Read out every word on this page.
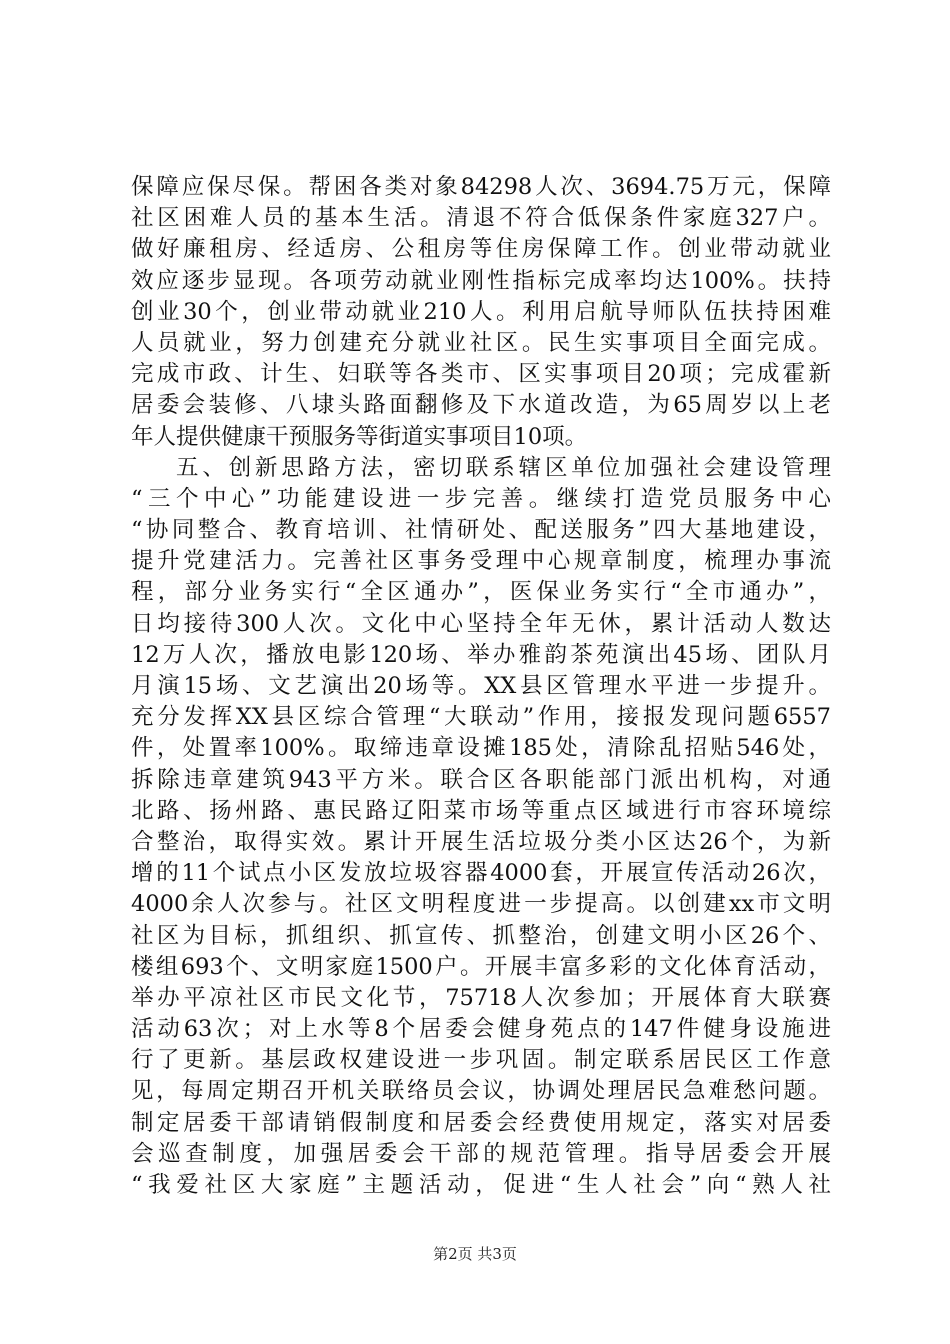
保障应保尽保。帮困各类对象84298人次、3694.75万元，保障
社区困难人员的基本生活。清退不符合低保条件家庭327户。
做好廉租房、经适房、公租房等住房保障工作。创业带动就业
效应逐步显现。各项劳动就业刚性指标完成率均达100%。扶持
创业30个，创业带动就业210人。利用启航导师队伍扶持困难
人员就业，努力创建充分就业社区。民生实事项目全面完成。
完成市政、计生、妇联等各类市、区实事项目20项；完成霍新
居委会装修、八埭头路面翻修及下水道改造，为65周岁以上老
年人提供健康干预服务等街道实事项目10项。
五、创新思路方法，密切联系辖区单位加强社会建设管理
“三个中心”功能建设进一步完善。继续打造党员服务中心
“协同整合、教育培训、社情研处、配送服务”四大基地建设，
提升党建活力。完善社区事务受理中心规章制度，梳理办事流
程，部分业务实行“全区通办”，医保业务实行“全市通办”，
日均接待300人次。文化中心坚持全年无休，累计活动人数达
12万人次，播放电影120场、举办雅韵茶苑演出45场、团队月
月演15场、文艺演出20场等。XX县区管理水平进一步提升。
充分发挥XX县区综合管理“大联动”作用，接报发现问题6557
件，处置率100%。取缔违章设摊185处，清除乱招贴546处，
拆除违章建筑943平方米。联合区各职能部门派出机构，对通
北路、扬州路、惠民路辽阳菜市场等重点区域进行市容环境综
合整治，取得实效。累计开展生活垃圾分类小区达26个，为新
增的11个试点小区发放垃圾容器4000套，开展宣传活动26次，
4000余人次参与。社区文明程度进一步提高。以创建xx市文明
社区为目标，抓组织、抓宣传、抓整治，创建文明小区26个、
楼组693个、文明家庭1500户。开展丰富多彩的文化体育活动，
举办平凉社区市民文化节，75718人次参加；开展体育大联赛
活动63次；对上水等8个居委会健身苑点的147件健身设施进
行了更新。基层政权建设进一步巩固。制定联系居民区工作意
见，每周定期召开机关联络员会议，协调处理居民急难愁问题。
制定居委干部请销假制度和居委会经费使用规定，落实对居委
会巡查制度，加强居委会干部的规范管理。指导居委会开展
“我爱社区大家庭”主题活动，促进“生人社会”向“熟人社
第2页 共3页
